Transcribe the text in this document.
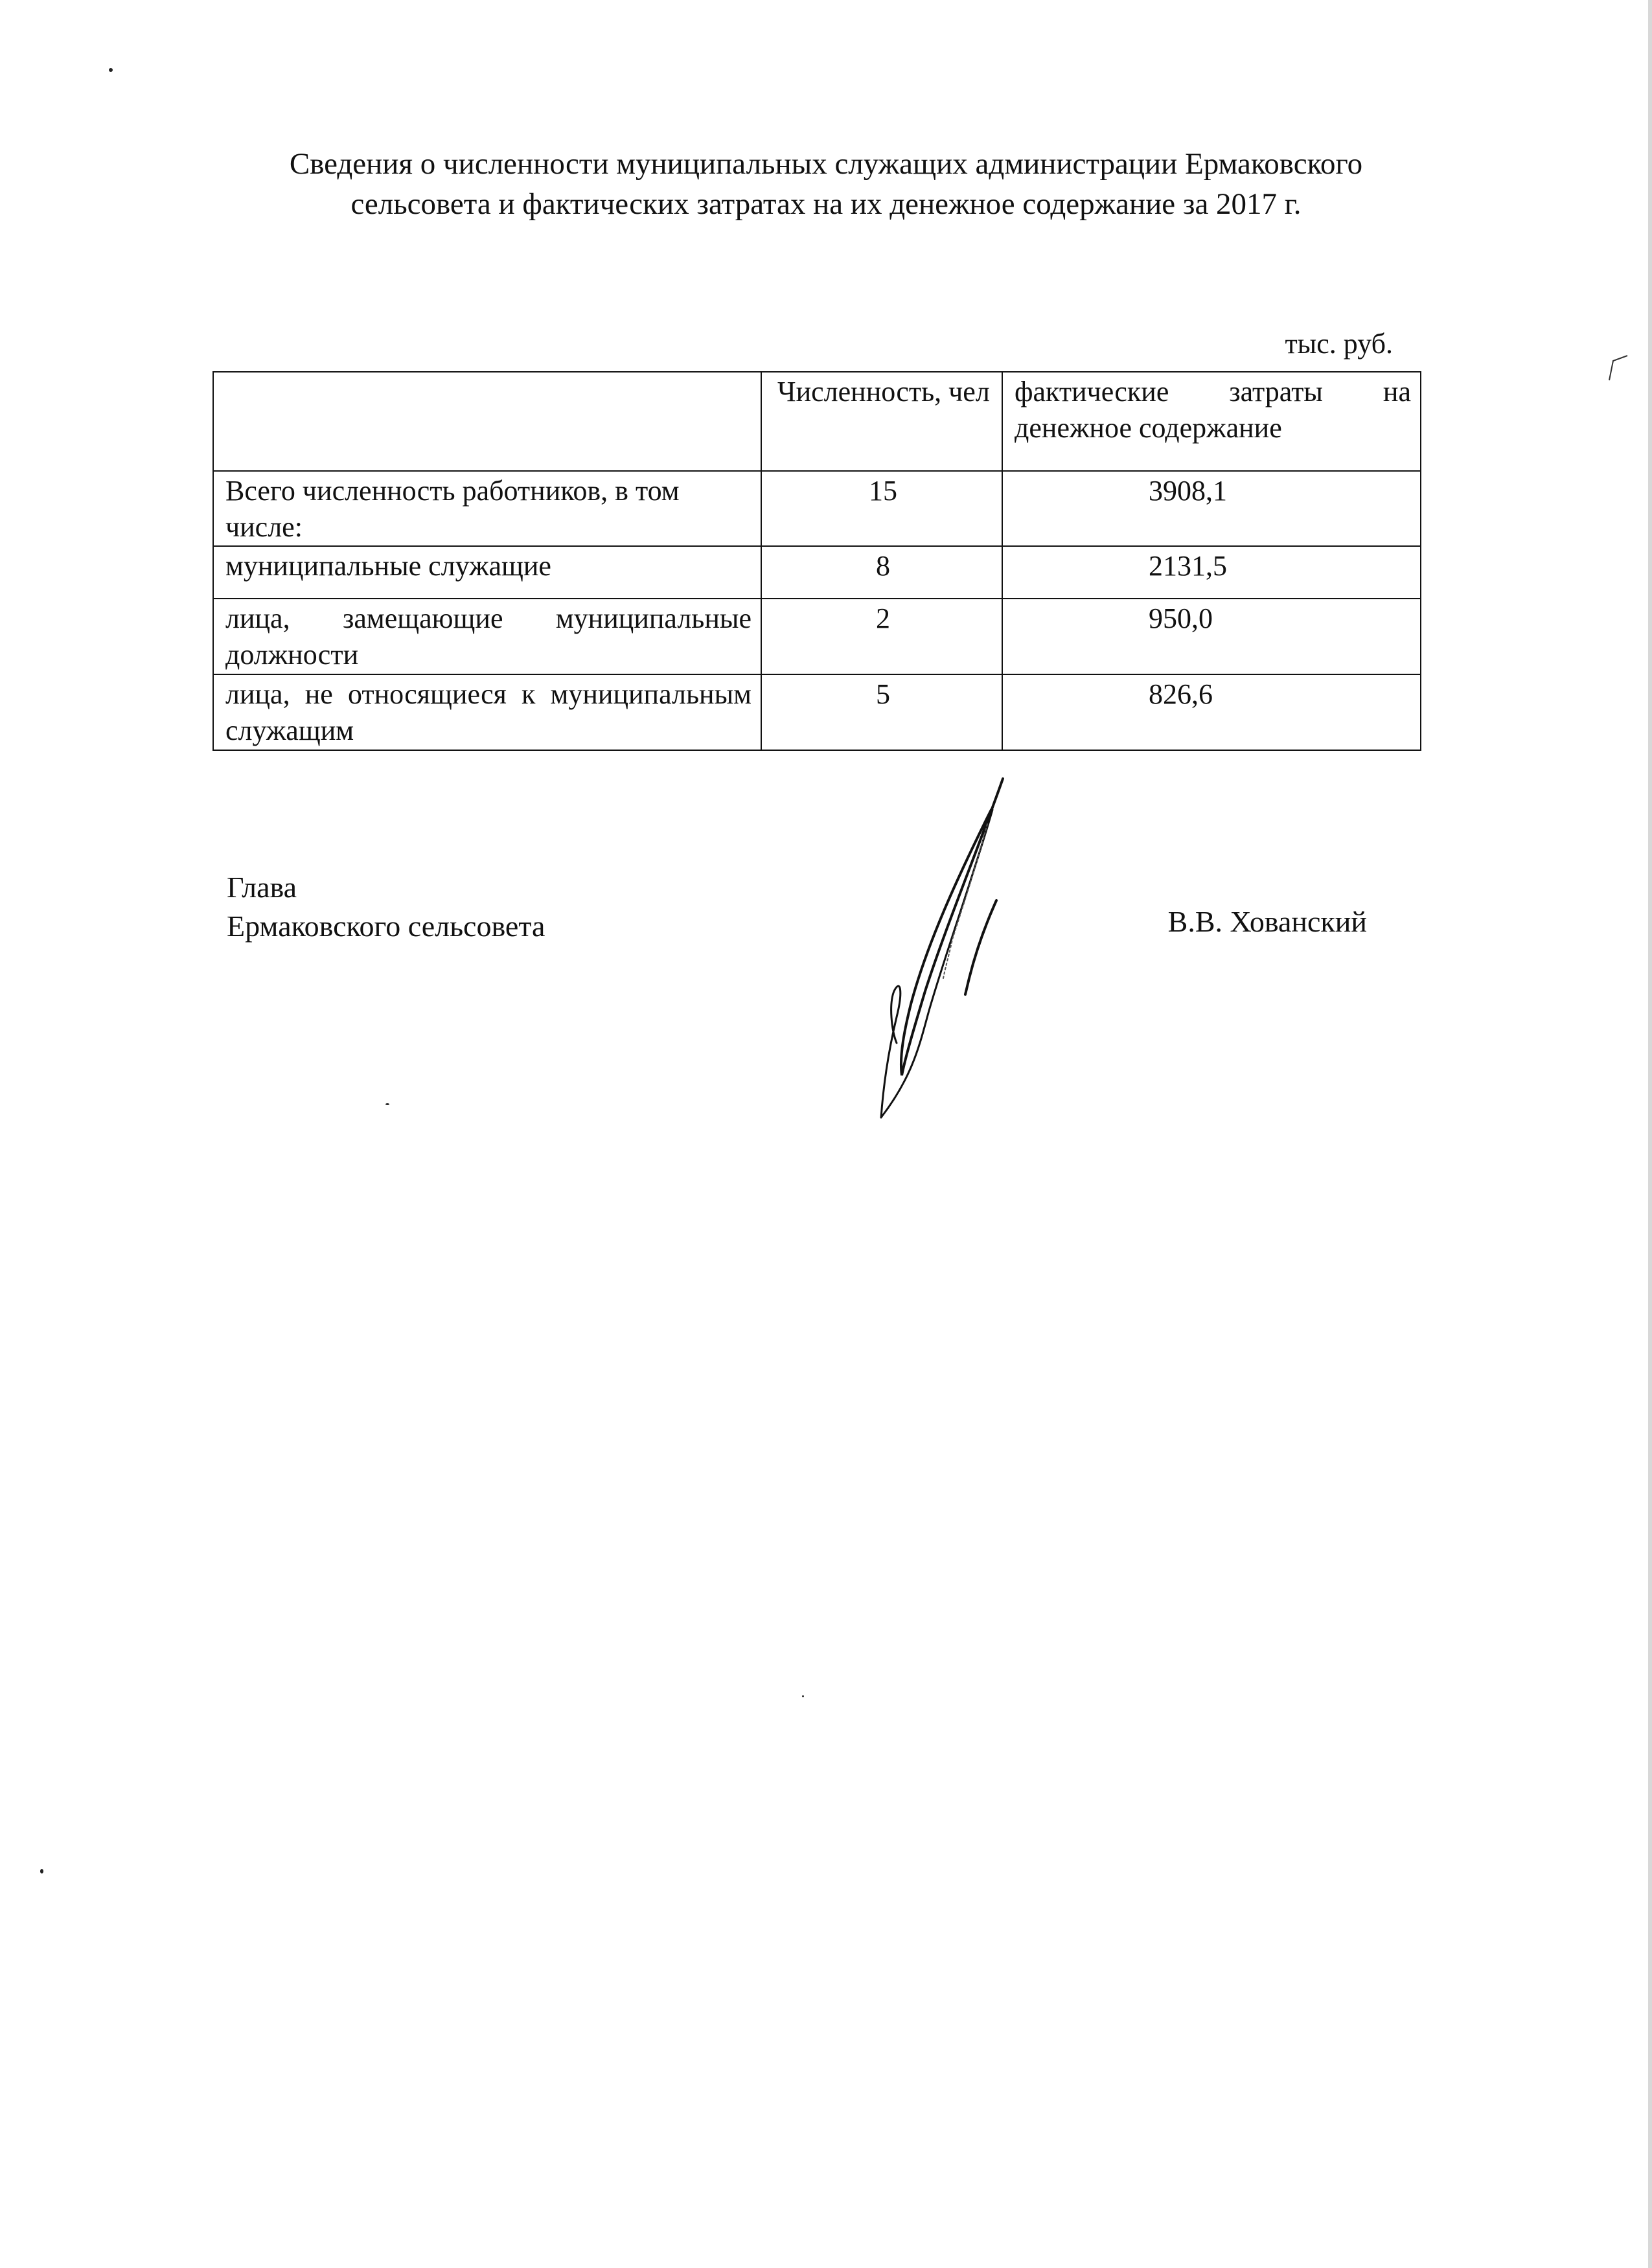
Сведения о численности муниципальных служащих администрации Ермаковского
сельсовета и фактических затратах на их денежное содержание за 2017 г.
тыс. руб.
	Численность, чел	фактические затраты на денежное содержание
Всего численность работников, в том числе:	15	3908,1
муниципальные служащие	8	2131,5
лица, замещающие муниципальные должности	2	950,0
лица, не относящиеся к муниципальным служащим	5	826,6
Глава
Ермаковского сельсовета	В.В. Хованский
